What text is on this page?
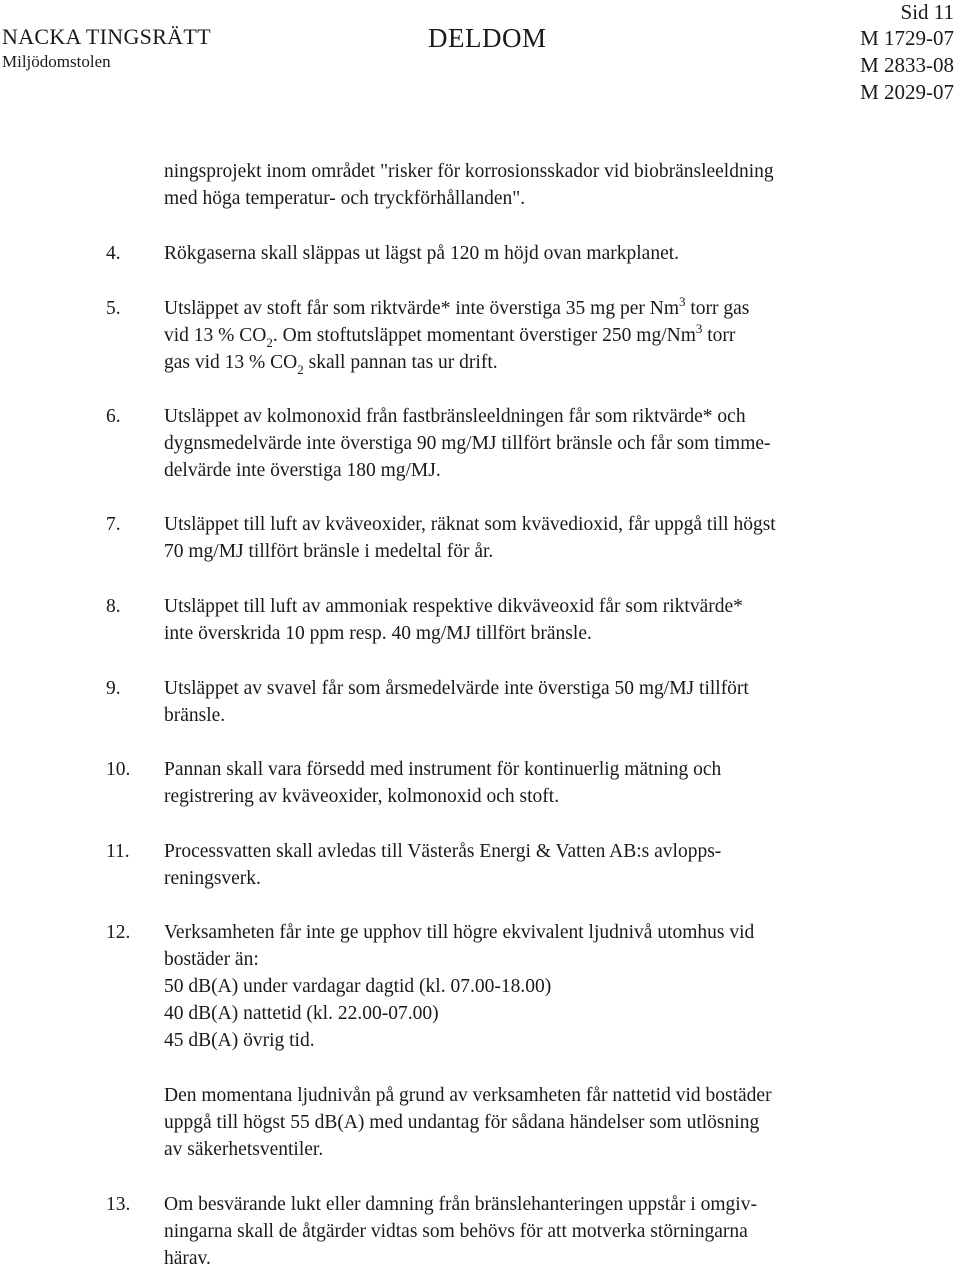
NACKA TINGSRÄTT
Miljödomstolen
DELDOM
Sid 11
M 1729-07
M 2833-08
M 2029-07
ningsprojekt inom området "risker för korrosionsskador vid biobränsleeldning
med höga temperatur- och tryckförhållanden".
4. Rökgaserna skall släppas ut lägst på 120 m höjd ovan markplanet.
5. Utsläppet av stoft får som riktvärde* inte överstiga 35 mg per Nm$^3$ torr gas
vid 13 % $CO_2$. Om stoftutsläppet momentant överstiger 250 mg/Nm$^3$ torr
gas vid 13 % $CO_2$ skall pannan tas ur drift.
6. Utsläppet av kolmonoxid från fastbränsleeldningen får som riktvärde* och
dygnsmedelvärde inte överstiga 90 mg/MJ tillfört bränsle och får som timme-
delvärde inte överstiga 180 mg/MJ.
7. Utsläppet till luft av kväveoxider, räknat som kvävedioxid, får uppgå till högst
70 mg/MJ tillfört bränsle i medeltal för år.
8. Utsläppet till luft av ammoniak respektive dikväveoxid får som riktvärde*
inte överskrida 10 ppm resp. 40 mg/MJ tillfört bränsle.
9. Utsläppet av svavel får som årsmedelvärde inte överstiga 50 mg/MJ tillfört
bränsle.
10. Pannan skall vara försedd med instrument för kontinuerlig mätning och
registrering av kväveoxider, kolmonoxid och stoft.
11. Processvatten skall avledas till Västerås Energi & Vatten AB:s avlopps-
reningsverk.
12. Verksamheten får inte ge upphov till högre ekvivalent ljudnivå utomhus vid
bostäder än:
50 dB(A) under vardagar dagtid (kl. 07.00-18.00)
40 dB(A) nattetid (kl. 22.00-07.00)
45 dB(A) övrig tid.
Den momentana ljudnivån på grund av verksamheten får nattetid vid bostäder
uppgå till högst 55 dB(A) med undantag för sådana händelser som utlösning
av säkerhetsventiler.
13. Om besvärande lukt eller damning från bränslehanteringen uppstår i omgiv-
ningarna skall de åtgärder vidtas som behövs för att motverka störningarna
härav.
